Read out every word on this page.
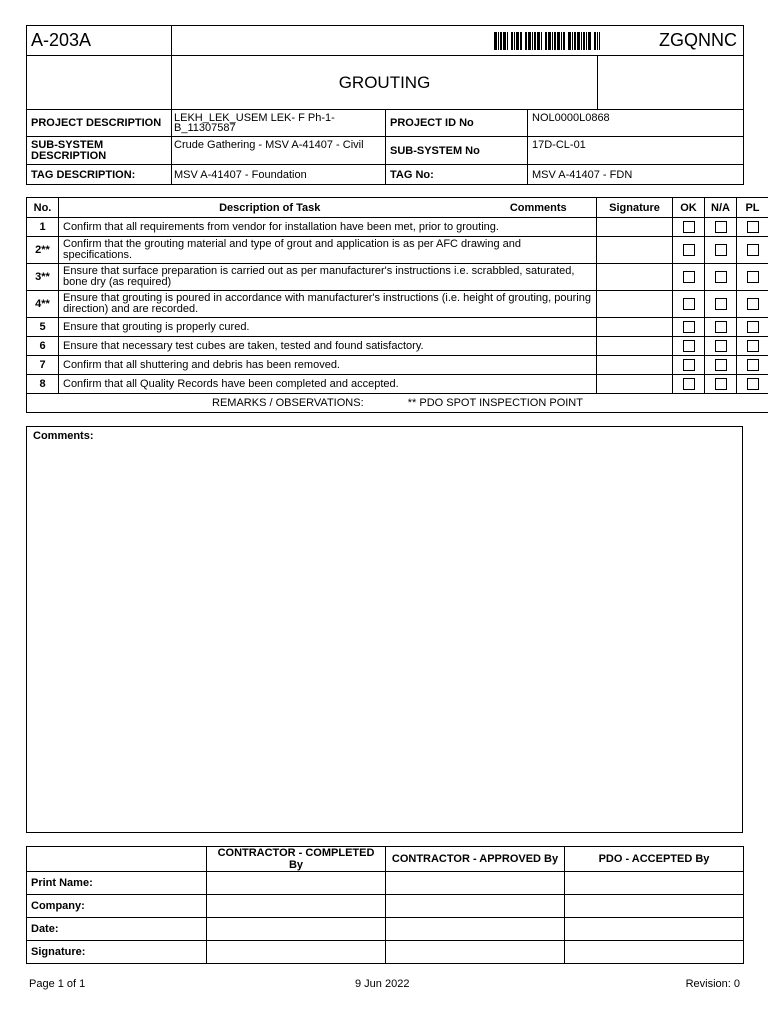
A-203A	ZGQNNC			

	GROUTING			
PROJECT DESCRIPTION	LEKH_LEK_USEM LEK- F Ph-1-B_11307587	PROJECT ID No	NOL0000L0868	
SUB-SYSTEM DESCRIPTION	Crude Gathering - MSV A-41407 - Civil	SUB-SYSTEM No	17D-CL-01	
TAG DESCRIPTION:	MSV A-41407 - Foundation	TAG No:	MSV A-41407 - FDN	
No.	Description of Task	Comments	Signature	OK	N/A	PL
1	Confirm that all requirements from vendor for installation have been met, prior to grouting.					
2**	Confirm that the grouting material and type of grout and application is as per AFC drawing and specifications.					
3**	Ensure that surface preparation is carried out as per manufacturer's instructions i.e. scrabbled, saturated, bone dry (as required)					
4**	Ensure that grouting is poured in accordance with manufacturer's instructions (i.e. height of grouting, pouring direction) and are recorded.					
5	Ensure that grouting is properly cured.					
6	Ensure that necessary test cubes are taken, tested and found satisfactory.					
7	Confirm that all shuttering and debris has been removed.					
8	Confirm that all Quality Records have been completed and accepted.					
REMARKS / OBSERVATIONS: ** PDO SPOT INSPECTION POINT						
Comments:
	CONTRACTOR - COMPLETED By	CONTRACTOR - APPROVED By	PDO - ACCEPTED By
Print Name:			
Company:			
Date:			
Signature:			
Page 1 of 1	9 Jun 2022	Revision: 0
